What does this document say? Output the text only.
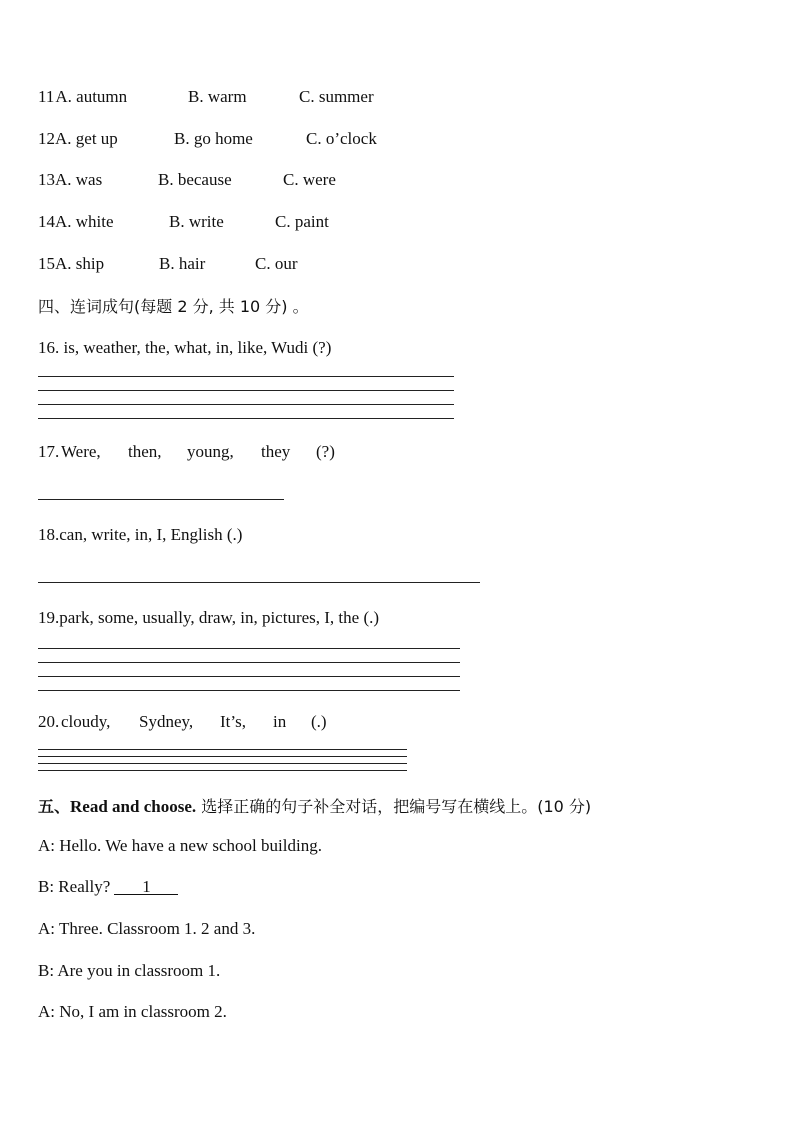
11A. autumn	B. warm	C. summer
12A. get up	B. go home	C. o’clock
13A. was	B. because	C. were
14A. white	B. write	C. paint
15A. ship	B. hair	C. our
四、连词成句(每题 2 分, 共 10 分) 。
16. is, weather, the, what, in, like, Wudi (?)
17. Were, then, young, they (?)
18.can, write, in, I, English (.)
19.park, some, usually, draw, in, pictures, I, the (.)
20. cloudy, Sydney, It’s, in (.)
五、Read and choose. 选择正确的句子补全对话，把编号写在横线上。(10 分)
A: Hello. We have a new school building.
B: Really? 1
A: Three. Classroom 1. 2 and 3.
B: Are you in classroom 1.
A: No, I am in classroom 2.
